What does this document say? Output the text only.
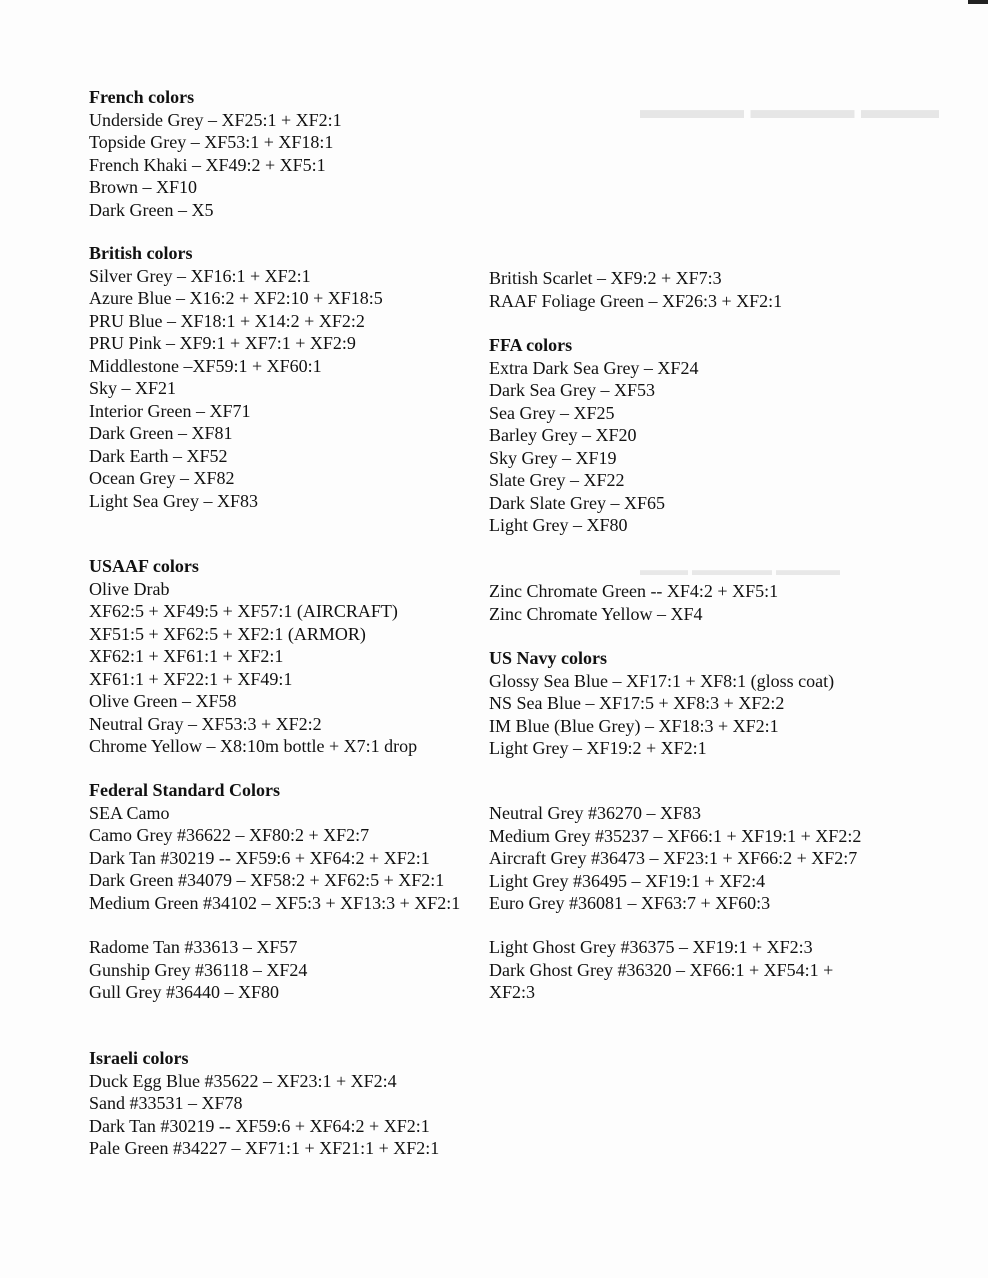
▬▬▬▬ ▬▬▬▬ ▬▬▬
▬▬▬ ▬▬▬▬▬ ▬▬▬▬
French colors
Underside Grey – XF25:1 + XF2:1
Topside Grey – XF53:1 + XF18:1
French Khaki – XF49:2 + XF5:1
Brown – XF10
Dark Green – X5
British colors
Silver Grey – XF16:1 + XF2:1
Azure Blue – X16:2 + XF2:10 + XF18:5
PRU Blue – XF18:1 + X14:2 + XF2:2
PRU Pink – XF9:1 + XF7:1 + XF2:9
Middlestone –XF59:1 + XF60:1
Sky – XF21
Interior Green – XF71
Dark Green – XF81
Dark Earth – XF52
Ocean Grey – XF82
Light Sea Grey – XF83
USAAF colors
Olive Drab
XF62:5 + XF49:5 + XF57:1 (AIRCRAFT)
XF51:5 + XF62:5 + XF2:1 (ARMOR)
XF62:1 + XF61:1 + XF2:1
XF61:1 + XF22:1 + XF49:1
Olive Green – XF58
Neutral Gray – XF53:3 + XF2:2
Chrome Yellow – X8:10m bottle + X7:1 drop
Federal Standard Colors
SEA Camo
Camo Grey #36622 – XF80:2 + XF2:7
Dark Tan #30219 -- XF59:6 + XF64:2 + XF2:1
Dark Green #34079 – XF58:2 + XF62:5 + XF2:1
Medium Green #34102 – XF5:3 + XF13:3 + XF2:1
Radome Tan #33613 – XF57
Gunship Grey #36118 – XF24
Gull Grey #36440 – XF80
Israeli colors
Duck Egg Blue #35622 – XF23:1 + XF2:4
Sand #33531 – XF78
Dark Tan #30219 -- XF59:6 + XF64:2 + XF2:1
Pale Green #34227 – XF71:1 + XF21:1 + XF2:1
British Scarlet – XF9:2 + XF7:3
RAAF Foliage Green – XF26:3 + XF2:1
FFA colors
Extra Dark Sea Grey – XF24
Dark Sea Grey – XF53
Sea Grey – XF25
Barley Grey – XF20
Sky Grey – XF19
Slate Grey – XF22
Dark Slate Grey – XF65
Light Grey – XF80
Zinc Chromate Green -- XF4:2 + XF5:1
Zinc Chromate Yellow – XF4
US Navy colors
Glossy Sea Blue – XF17:1 + XF8:1 (gloss coat)
NS Sea Blue – XF17:5 + XF8:3 + XF2:2
IM Blue (Blue Grey) – XF18:3 + XF2:1
Light Grey – XF19:2 + XF2:1
Neutral Grey #36270 – XF83
Medium Grey #35237 – XF66:1 + XF19:1 + XF2:2
Aircraft Grey #36473 – XF23:1 + XF66:2 + XF2:7
Light Grey #36495 – XF19:1 + XF2:4
Euro Grey #36081 – XF63:7 + XF60:3
Light Ghost Grey #36375 – XF19:1 + XF2:3
Dark Ghost Grey #36320 – XF66:1 + XF54:1 +
XF2:3
